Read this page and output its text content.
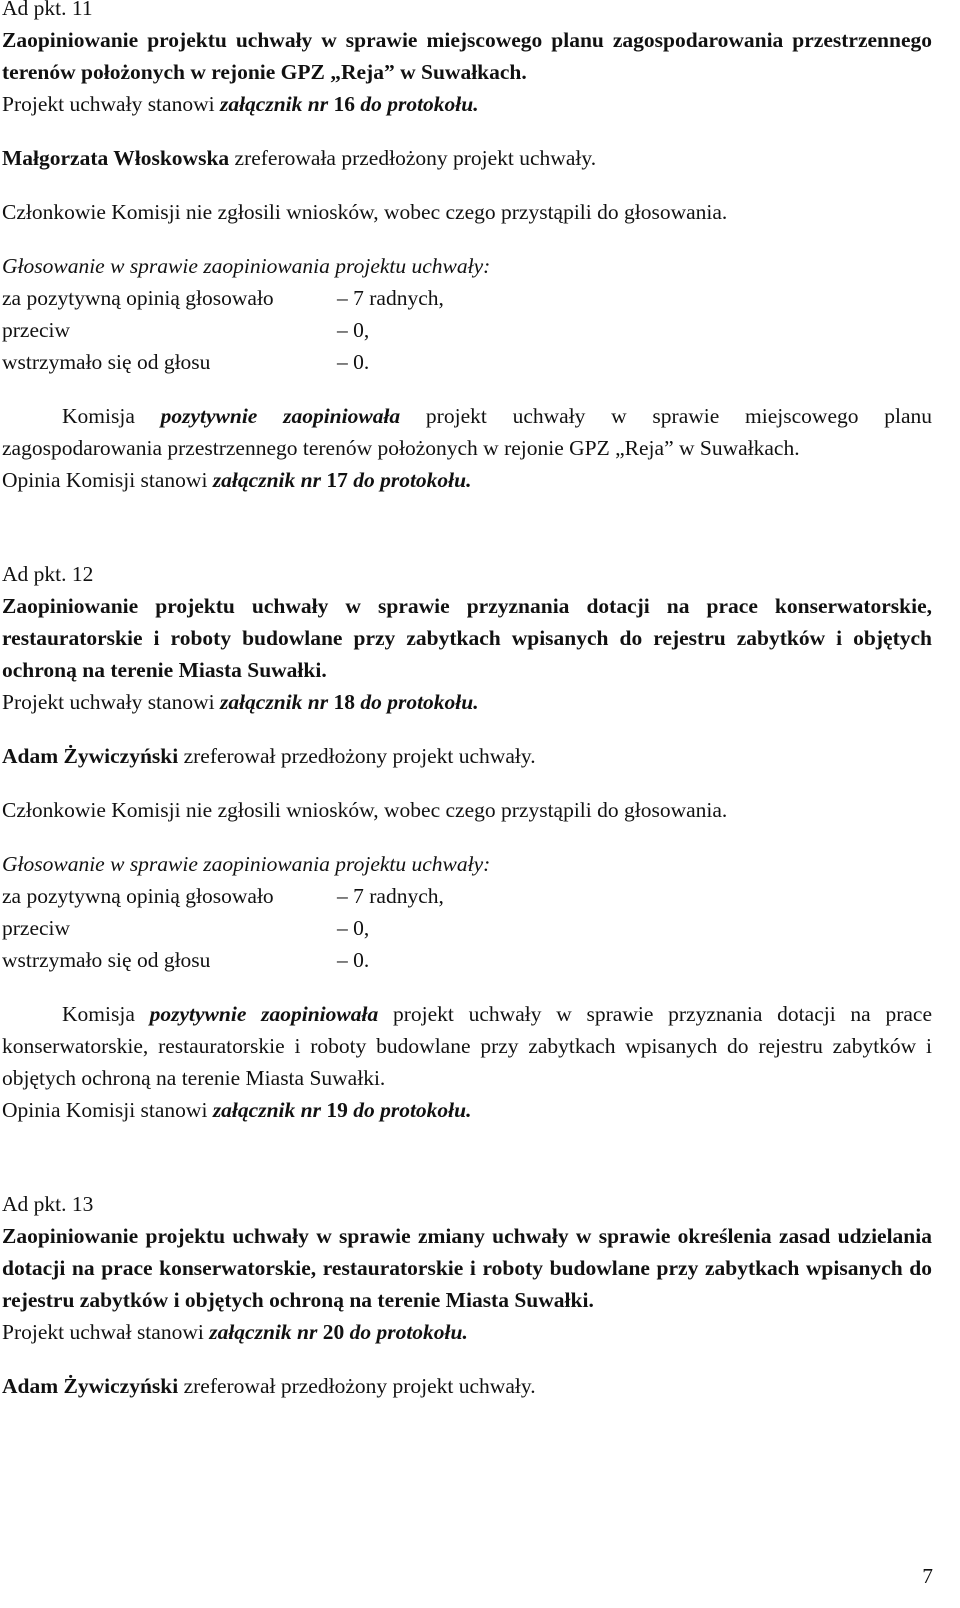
Ad pkt. 11

Zaopiniowanie projektu uchwały w sprawie miejscowego planu zagospodarowania przestrzennego terenów położonych w rejonie GPZ „Reja” w Suwałkach.

Projekt uchwały stanowi załącznik nr 16 do protokołu.

Małgorzata Włoskowska zreferowała przedłożony projekt uchwały.

Członkowie Komisji nie zgłosili wniosków, wobec czego przystąpili do głosowania.

Głosowanie w sprawie zaopiniowania projektu uchwały:

za pozytywną opinią głosowało	– 7 radnych,
przeciw	– 0,
wstrzymało się od głosu	– 0.

Komisja pozytywnie zaopiniowała projekt uchwały w sprawie miejscowego planu zagospodarowania przestrzennego terenów położonych w rejonie GPZ „Reja” w Suwałkach.

Opinia Komisji stanowi załącznik nr 17 do protokołu.

Ad pkt. 12

Zaopiniowanie projektu uchwały w sprawie przyznania dotacji na prace konserwatorskie, restauratorskie i roboty budowlane przy zabytkach wpisanych do rejestru zabytków i objętych ochroną na terenie Miasta Suwałki.

Projekt uchwały stanowi załącznik nr 18 do protokołu.

Adam Żywiczyński zreferował przedłożony projekt uchwały.

Członkowie Komisji nie zgłosili wniosków, wobec czego przystąpili do głosowania.

Głosowanie w sprawie zaopiniowania projektu uchwały:

za pozytywną opinią głosowało	– 7 radnych,
przeciw	– 0,
wstrzymało się od głosu	– 0.

Komisja pozytywnie zaopiniowała projekt uchwały w sprawie przyznania dotacji na prace konserwatorskie, restauratorskie i roboty budowlane przy zabytkach wpisanych do rejestru zabytków i objętych ochroną na terenie Miasta Suwałki.

Opinia Komisji stanowi załącznik nr 19 do protokołu.

Ad pkt. 13

Zaopiniowanie projektu uchwały w sprawie zmiany uchwały w sprawie określenia zasad udzielania dotacji na prace konserwatorskie, restauratorskie i roboty budowlane przy zabytkach wpisanych do rejestru zabytków i objętych ochroną na terenie Miasta Suwałki.

Projekt uchwał stanowi załącznik nr 20 do protokołu.

Adam Żywiczyński zreferował przedłożony projekt uchwały.

7
